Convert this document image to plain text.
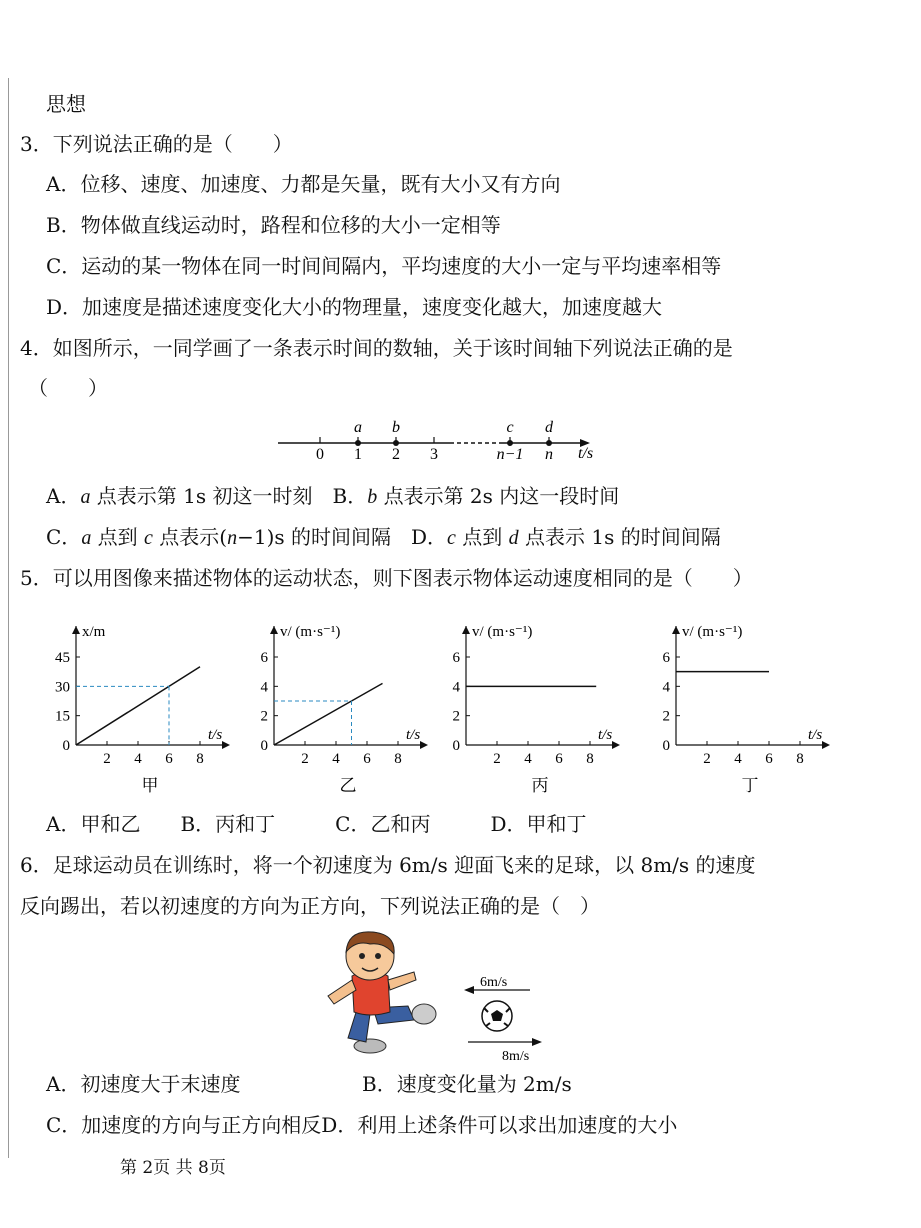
思想
3．下列说法正确的是（　　）
A．位移、速度、加速度、力都是矢量，既有大小又有方向
B．物体做直线运动时，路程和位移的大小一定相等
C．运动的某一物体在同一时间间隔内，平均速度的大小一定与平均速率相等
D．加速度是描述速度变化大小的物理量，速度变化越大，加速度越大
4．如图所示，一同学画了一条表示时间的数轴，关于该时间轴下列说法正确的是
（　　）
0 1 2 3	n−1 n
a b	c d
t/s
A．a 点表示第 1s 初这一时刻　 B．b 点表示第 2s 内这一段时间
C．a 点到 c 点表示(n−1)s 的时间间隔　 D．c 点到 d 点表示 1s 的时间间隔
5．可以用图像来描述物体的运动状态，则下图表示物体运动速度相同的是（　　）
x/m
t/s
0
15
30
45
2 4 6 8
甲
v/ (m·s⁻¹)
t/s
0
2
4
6
2 4 6 8
乙
v/ (m·s⁻¹)
t/s
0
2
4
6
2 4 6 8
丙
v/ (m·s⁻¹)
t/s
0
2
4
6
2 4 6 8
丁
A．甲和乙　　B．丙和丁　　　C．乙和丙　　　D．甲和丁
6．足球运动员在训练时，将一个初速度为 6m/s 迎面飞来的足球，以 8m/s 的速度
反向踢出，若以初速度的方向为正方向，下列说法正确的是（　）
6m/s
8m/s
A．初速度大于末速度	B．速度变化量为 2m/s
C．加速度的方向与正方向相反D．利用上述条件可以求出加速度的大小
第 2页 共 8页
